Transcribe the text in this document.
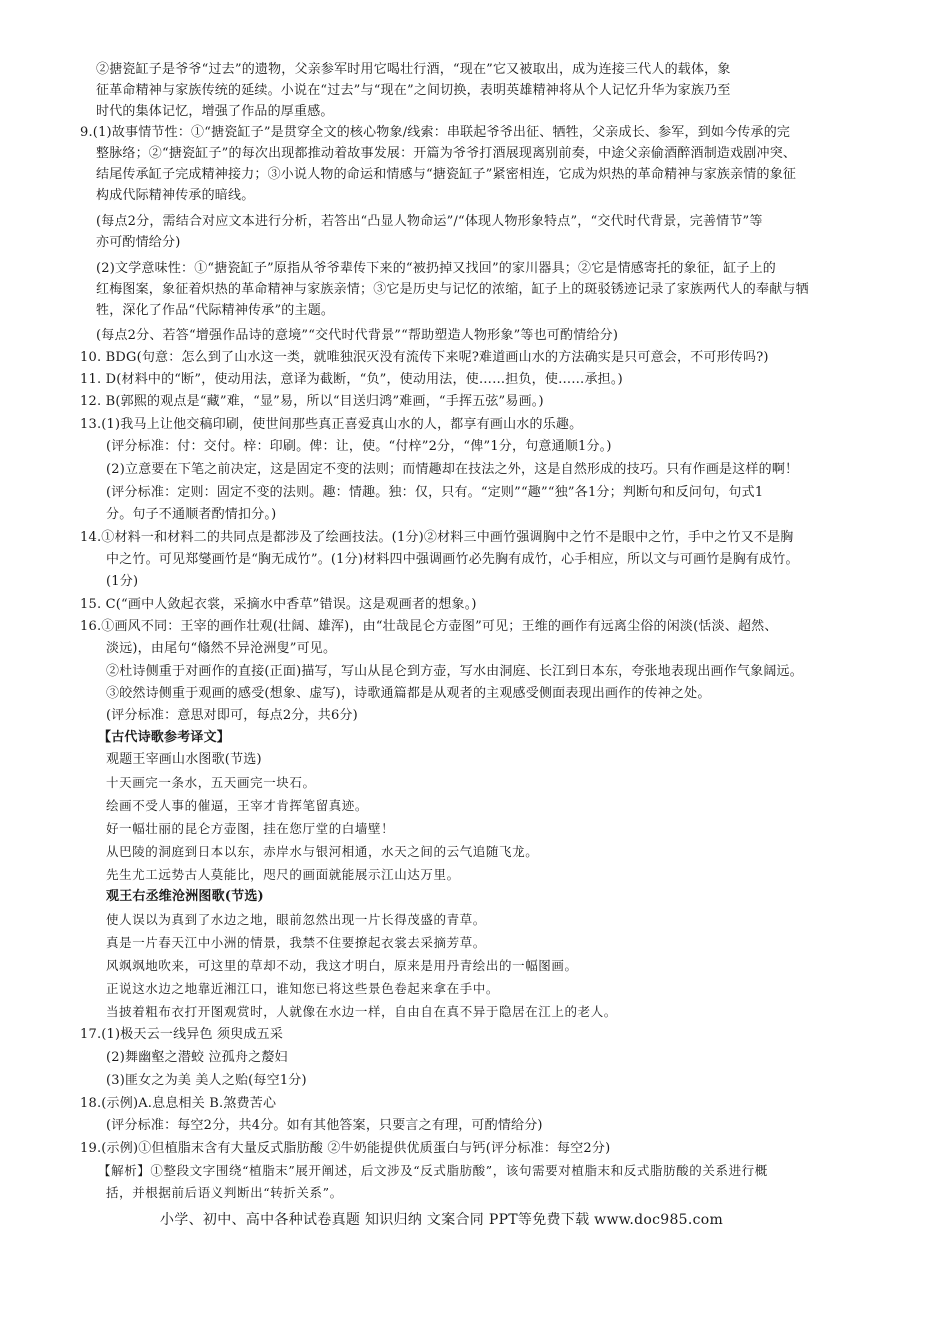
②搪瓷缸子是爷爷“过去”的遗物，父亲参军时用它喝壮行酒，“现在”它又被取出，成为连接三代人的载体，象
征革命精神与家族传统的延续。小说在“过去”与“现在”之间切换，表明英雄精神将从个人记忆升华为家族乃至
时代的集体记忆，增强了作品的厚重感。
9.(1)故事情节性：①“搪瓷缸子”是贯穿全文的核心物象/线索：串联起爷爷出征、牺牲，父亲成长、参军，到如今传承的完
整脉络；②“搪瓷缸子”的每次出现都推动着故事发展：开篇为爷爷打酒展现离别前奏，中途父亲偷酒醉酒制造戏剧冲突、
结尾传承缸子完成精神接力；③小说人物的命运和情感与“搪瓷缸子”紧密相连，它成为炽热的革命精神与家族亲情的象征
构成代际精神传承的暗线。
(每点2分，需结合对应文本进行分析，若答出“凸显人物命运”/“体现人物形象特点”，“交代时代背景，完善情节”等
亦可酌情给分)
(2)文学意味性：①“搪瓷缸子”原指从爷爷辈传下来的“被扔掉又找回”的家川器具；②它是情感寄托的象征，缸子上的
红梅图案，象征着炽热的革命精神与家族亲情；③它是历史与记忆的浓缩，缸子上的斑驳锈迹记录了家族两代人的奉献与牺
牲，深化了作品“代际精神传承”的主题。
(每点2分、若答“增强作品诗的意境”“交代时代背景”“帮助塑造人物形象”等也可酌情给分)
10. BDG(句意：怎么到了山水这一类，就唯独泯灭没有流传下来呢?难道画山水的方法确实是只可意会，不可形传吗?)
11. D(材料中的“断”，使动用法，意译为截断，“负”，使动用法，使……担负，使……承担。)
12. B(郭熙的观点是“藏”难，“显”易，所以“目送归鸿”难画，“手挥五弦”易画。)
13.(1)我马上让他交稿印刷，使世间那些真正喜爱真山水的人，都享有画山水的乐趣。
(评分标准：付：交付。梓：印刷。俾：让，使。“付梓”2分，“俾”1分，句意通顺1分。)
(2)立意要在下笔之前决定，这是固定不变的法则；而情趣却在技法之外，这是自然形成的技巧。只有作画是这样的啊！
(评分标准：定则：固定不变的法则。趣：情趣。独：仅，只有。“定则”“趣”“独”各1分；判断句和反问句，句式1
分。句子不通顺者酌情扣分。)
14.①材料一和材料二的共同点是都涉及了绘画技法。(1分)②材料三中画竹强调胸中之竹不是眼中之竹，手中之竹又不是胸
中之竹。可见郑燮画竹是“胸无成竹”。(1分)材料四中强调画竹必先胸有成竹，心手相应，所以文与可画竹是胸有成竹。
(1分)
15. C(“画中人敛起衣裳，采摘水中香草”错误。这是观画者的想象。)
16.①画风不同：王宰的画作壮观(壮阔、雄浑)，由“壮哉昆仑方壶图”可见；王维的画作有远离尘俗的闲淡(恬淡、超然、
淡远)，由尾句“翛然不异沧洲叟”可见。
②杜诗侧重于对画作的直接(正面)描写，写山从昆仑到方壶，写水由洞庭、长江到日本东，夸张地表现出画作气象阔远。
③皎然诗侧重于观画的感受(想象、虚写)，诗歌通篇都是从观者的主观感受侧面表现出画作的传神之处。
(评分标准：意思对即可，每点2分，共6分)
【古代诗歌参考译文】
观题王宰画山水图歌(节选)
十天画完一条水，五天画完一块石。
绘画不受人事的催逼，王宰才肯挥笔留真迹。
好一幅壮丽的昆仑方壶图，挂在您厅堂的白墙壁！
从巴陵的洞庭到日本以东，赤岸水与银河相通，水天之间的云气追随飞龙。
先生尤工远势古人莫能比，咫尺的画面就能展示江山达万里。
观王右丞维沧洲图歌(节选)
使人误以为真到了水边之地，眼前忽然出现一片长得茂盛的青草。
真是一片春天江中小洲的情景，我禁不住要撩起衣裳去采摘芳草。
风飒飒地吹来，可这里的草却不动，我这才明白，原来是用丹青绘出的一幅图画。
正说这水边之地靠近湘江口，谁知您已将这些景色卷起来拿在手中。
当披着粗布衣打开图观赏时，人就像在水边一样，自由自在真不异于隐居在江上的老人。
17.(1)极天云一线异色 须臾成五采
(2)舞幽壑之潜蛟 泣孤舟之嫠妇
(3)匪女之为美 美人之贻(每空1分)
18.(示例)A.息息相关 B.煞费苦心
(评分标准：每空2分，共4分。如有其他答案，只要言之有理，可酌情给分)
19.(示例)①但植脂末含有大量反式脂肪酸 ②牛奶能提供优质蛋白与钙(评分标准：每空2分)
【解析】①整段文字围绕“植脂末”展开阐述，后文涉及“反式脂肪酸”，该句需要对植脂末和反式脂肪酸的关系进行概
括，并根据前后语义判断出“转折关系”。
小学、初中、高中各种试卷真题 知识归纳 文案合同 PPT等免费下载 www.doc985.com
